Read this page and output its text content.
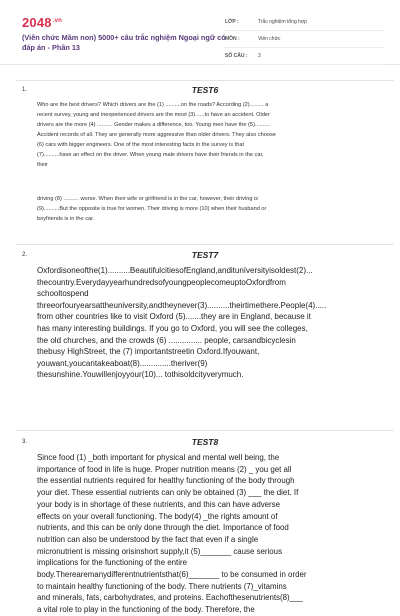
$2048^{.vn}$
(Viên chức Mầm non) 5000+ câu trắc nghiệm Ngoại ngữ có đáp án - Phần 13
LỚP :	Trắc nghiệm tổng hợp
MÔN :	Viên chức
SỐ CÂU :	3
1.	TEST6

Who are the best drivers? Which drivers are the (1) ..........on the roads? According (2)......... a

recent survey, young and inexperienced drivers are the most (3)......to have an accident. Older

drivers are the more (4) .......... Gender makes a difference, too. Young men have the (5)..........

Accident records of all. They are generally more aggressive than older drivers. They also choose

(6) cars with bigger engineers. One of the most interesting facts in the survey is that

(7)..........have an effect on the driver. When young male drivers have their friends in the car,

their

driving (8) .......... worse. When their wife or girlfriend is in the car, however, their driving is

(9)..........But the opposite is true for women. Their driving is more (10) when their husband or

boyfriends is in the car.

2.	TEST7

Oxfordisoneofthe(1)..........BeautifulcitiesofEngland,anditunïversityisoldest(2)...

thecountry.EverydayyearhundredsofyoungpeoplecomeuptoOxfordfrom

schooltospend

threeorfouryearsattheuniversity,andtheynever(3)..........theirtimethere.People(4).....

from other countries like to visit Oxford (5).......they are in England, because it

has many interesting buildings. If you go to Oxford, you will see the colleges,

the old churches, and the crowds (6) ............... people, carsandbicyclesin

thebusy HighStreet, the (7) importantstreetin Oxford.Ifyouwant,

youwant,youcantakeaboat(8)..............theriver(9)

thesunshine.Youwillenjoyyour(10)... tothisoldcityverymuch.

3.	TEST8

Since food (1) _both important for physical and mental well being, the

importance of food in life is huge. Proper nutrition means (2) _ you get all

the essential nutrients required for healthy functioning of the body through

your diet. These essential nutrients can only be obtained (3) ___ the diet. If

your body is in shortage of these nutrients, and this can have adverse

effects on your overall functioning. The body(4) _the rights amount of

nutrients, and this can be only done through the diet. Importance of food

nutrition can also be understood by the fact that even if a single

micronutrient is missing orisinshort supply,it (5)_______ cause serious

implications for the functioning of the entire

body.Therearemanydifferentnutrientsthat(6)_______ to be consumed in order

to maintain healthy functioning of the body. There nutrients (7)_vitamins

and minerals, fats, carbohydrates, and proteins. Eachofthesenutrients(8)___

a vital role to play in the functioning of the body. Therefore, the
